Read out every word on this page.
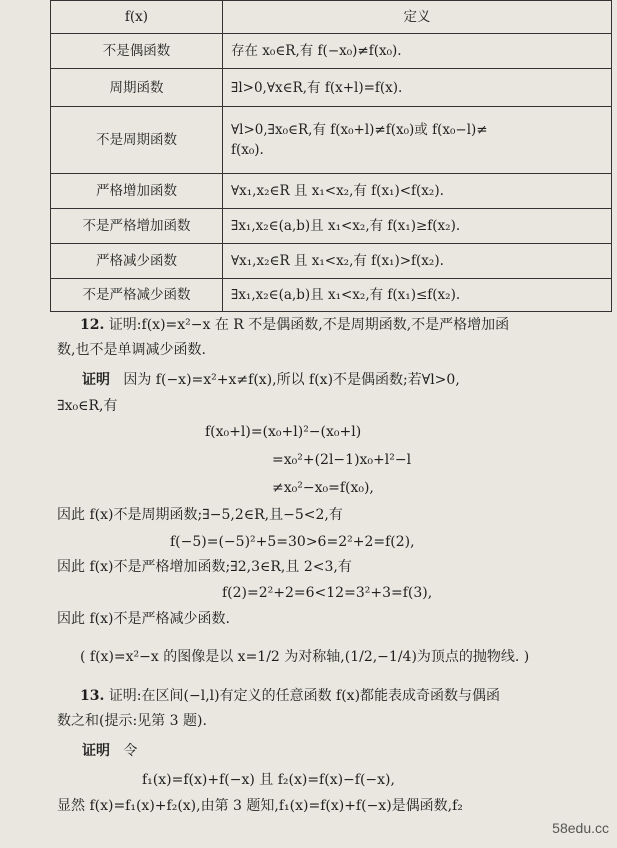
f(x)	定义
不是偶函数	存在 x₀∈R,有 f(−x₀)≠f(x₀).
周期函数	∃l>0,∀x∈R,有 f(x+l)=f(x).
不是周期函数	∀l>0,∃x₀∈R,有 f(x₀+l)≠f(x₀)或 f(x₀−l)≠
f(x₀).

严格增加函数	∀x₁,x₂∈R 且 x₁<x₂,有 f(x₁)<f(x₂).
不是严格增加函数	∃x₁,x₂∈(a,b)且 x₁<x₂,有 f(x₁)≥f(x₂).
严格减少函数	∀x₁,x₂∈R 且 x₁<x₂,有 f(x₁)>f(x₂).
不是严格减少函数	∃x₁,x₂∈(a,b)且 x₁<x₂,有 f(x₁)≤f(x₂).
12. 证明:f(x)=x²−x 在 R 不是偶函数,不是周期函数,不是严格增加函
数,也不是单调减少函数.
证明 因为 f(−x)=x²+x≠f(x),所以 f(x)不是偶函数;若∀l>0,
∃x₀∈R,有
f(x₀+l)=(x₀+l)²−(x₀+l)
=x₀²+(2l−1)x₀+l²−l
≠x₀²−x₀=f(x₀),
因此 f(x)不是周期函数;∃−5,2∈R,且−5<2,有
f(−5)=(−5)²+5=30>6=2²+2=f(2),
因此 f(x)不是严格增加函数;∃2,3∈R,且 2<3,有
f(2)=2²+2=6<12=3²+3=f(3),
因此 f(x)不是严格减少函数.
( f(x)=x²−x 的图像是以 x=1/2 为对称轴,(1/2,−1/4)为顶点的抛物线. )
13. 证明:在区间(−l,l)有定义的任意函数 f(x)都能表成奇函数与偶函
数之和(提示:见第 3 题).
证明 令
f₁(x)=f(x)+f(−x) 且 f₂(x)=f(x)−f(−x),
显然 f(x)=f₁(x)+f₂(x),由第 3 题知,f₁(x)=f(x)+f(−x)是偶函数,f₂
58edu.cc
